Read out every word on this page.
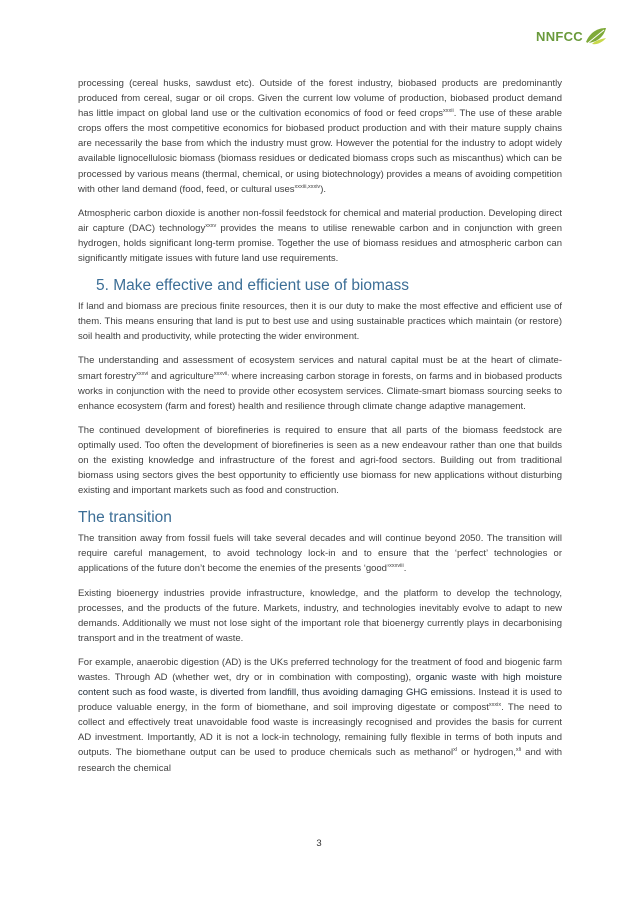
NNFCC

processing (cereal husks, sawdust etc). Outside of the forest industry, biobased products are predominantly produced from cereal, sugar or oil crops. Given the current low volume of production, biobased product demand has little impact on global land use or the cultivation economics of food or feed crops$^{xxxii}$. The use of these arable crops offers the most competitive economics for biobased product production and with their mature supply chains are necessarily the base from which the industry must grow. However the potential for the industry to adopt widely available lignocellulosic biomass (biomass residues or dedicated biomass crops such as miscanthus) which can be processed by various means (thermal, chemical, or using biotechnology) provides a means of avoiding competition with other land demand (food, feed, or cultural uses$^{xxxiii,xxxiv}$).

Atmospheric carbon dioxide is another non-fossil feedstock for chemical and material production. Developing direct air capture (DAC) technology$^{xxxv}$ provides the means to utilise renewable carbon and in conjunction with green hydrogen, holds significant long-term promise. Together the use of biomass residues and atmospheric carbon can significantly mitigate issues with future land use requirements.

5. Make effective and efficient use of biomass

If land and biomass are precious finite resources, then it is our duty to make the most effective and efficient use of them. This means ensuring that land is put to best use and using sustainable practices which maintain (or restore) soil health and productivity, while protecting the wider environment.

The understanding and assessment of ecosystem services and natural capital must be at the heart of climate-smart forestry$^{xxxvi}$ and agriculture$^{xxxvii,}$ where increasing carbon storage in forests, on farms and in biobased products works in conjunction with the need to provide other ecosystem services. Climate-smart biomass sourcing seeks to enhance ecosystem (farm and forest) health and resilience through climate change adaptive management.

The continued development of biorefineries is required to ensure that all parts of the biomass feedstock are optimally used. Too often the development of biorefineries is seen as a new endeavour rather than one that builds on the existing knowledge and infrastructure of the forest and agri-food sectors. Building out from traditional biomass using sectors gives the best opportunity to efficiently use biomass for new applications without disturbing existing and important markets such as food and construction.

The transition

The transition away from fossil fuels will take several decades and will continue beyond 2050. The transition will require careful management, to avoid technology lock-in and to ensure that the ‘perfect’ technologies or applications of the future don’t become the enemies of the presents ‘good’$^{xxxviii}$.

Existing bioenergy industries provide infrastructure, knowledge, and the platform to develop the technology, processes, and the products of the future. Markets, industry, and technologies inevitably evolve to adapt to new demands. Additionally we must not lose sight of the important role that bioenergy currently plays in decarbonising transport and in the treatment of waste.

For example, anaerobic digestion (AD) is the UKs preferred technology for the treatment of food and biogenic farm wastes. Through AD (whether wet, dry or in combination with composting), organic waste with high moisture content such as food waste, is diverted from landfill, thus avoiding damaging GHG emissions. Instead it is used to produce valuable energy, in the form of biomethane, and soil improving digestate or compost$^{xxxix}$. The need to collect and effectively treat unavoidable food waste is increasingly recognised and provides the basis for current AD investment. Importantly, AD it is not a lock-in technology, remaining fully flexible in terms of both inputs and outputs. The biomethane output can be used to produce chemicals such as methanol$^{xl}$ or hydrogen,$^{xli}$ and with research the chemical

3
